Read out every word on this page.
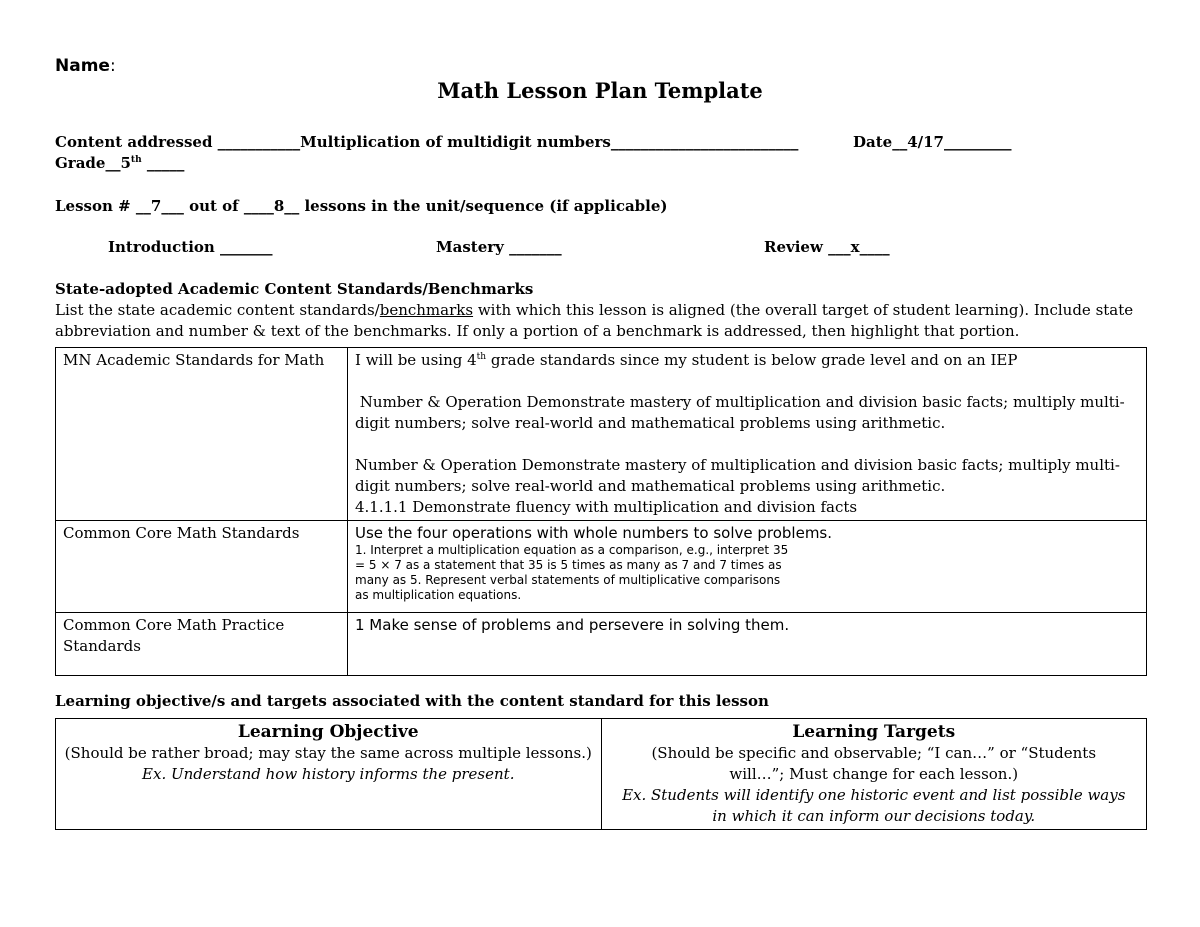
Name:
Math Lesson Plan Template
Content addressed ___________Multiplication of multidigit numbers_________________________	Date__4/17_________
Grade__5th _____
Lesson # __7___ out of ____8__ lessons in the unit/sequence (if applicable)
Introduction _______	Mastery _______	Review ___x____
State-adopted Academic Content Standards/Benchmarks
List the state academic content standards/benchmarks with which this lesson is aligned (the overall target of student learning). Include state abbreviation and number & text of the benchmarks. If only a portion of a benchmark is addressed, then highlight that portion.
MN Academic Standards for Math	I will be using 4th grade standards since my student is below grade level and on an IEP
Number & Operation Demonstrate mastery of multiplication and division basic facts; multiply multi-digit numbers; solve real-world and mathematical problems using arithmetic.
Number & Operation Demonstrate mastery of multiplication and division basic facts; multiply multi-digit numbers; solve real-world and mathematical problems using arithmetic.
4.1.1.1 Demonstrate fluency with multiplication and division facts

Common Core Math Standards	Use the four operations with whole numbers to solve problems.
1. Interpret a multiplication equation as a comparison, e.g., interpret 35
= 5 × 7 as a statement that 35 is 5 times as many as 7 and 7 times as
many as 5. Represent verbal statements of multiplicative comparisons
as multiplication equations.

Common Core Math Practice Standards	1 Make sense of problems and persevere in solving them.
Learning objective/s and targets associated with the content standard for this lesson
Learning Objective
(Should be rather broad; may stay the same across multiple lessons.)
Ex. Understand how history informs the present.

Learning Targets
(Should be specific and observable; “I can…” or “Students will…”; Must change for each lesson.)
Ex. Students will identify one historic event and list possible ways in which it can inform our decisions today.
